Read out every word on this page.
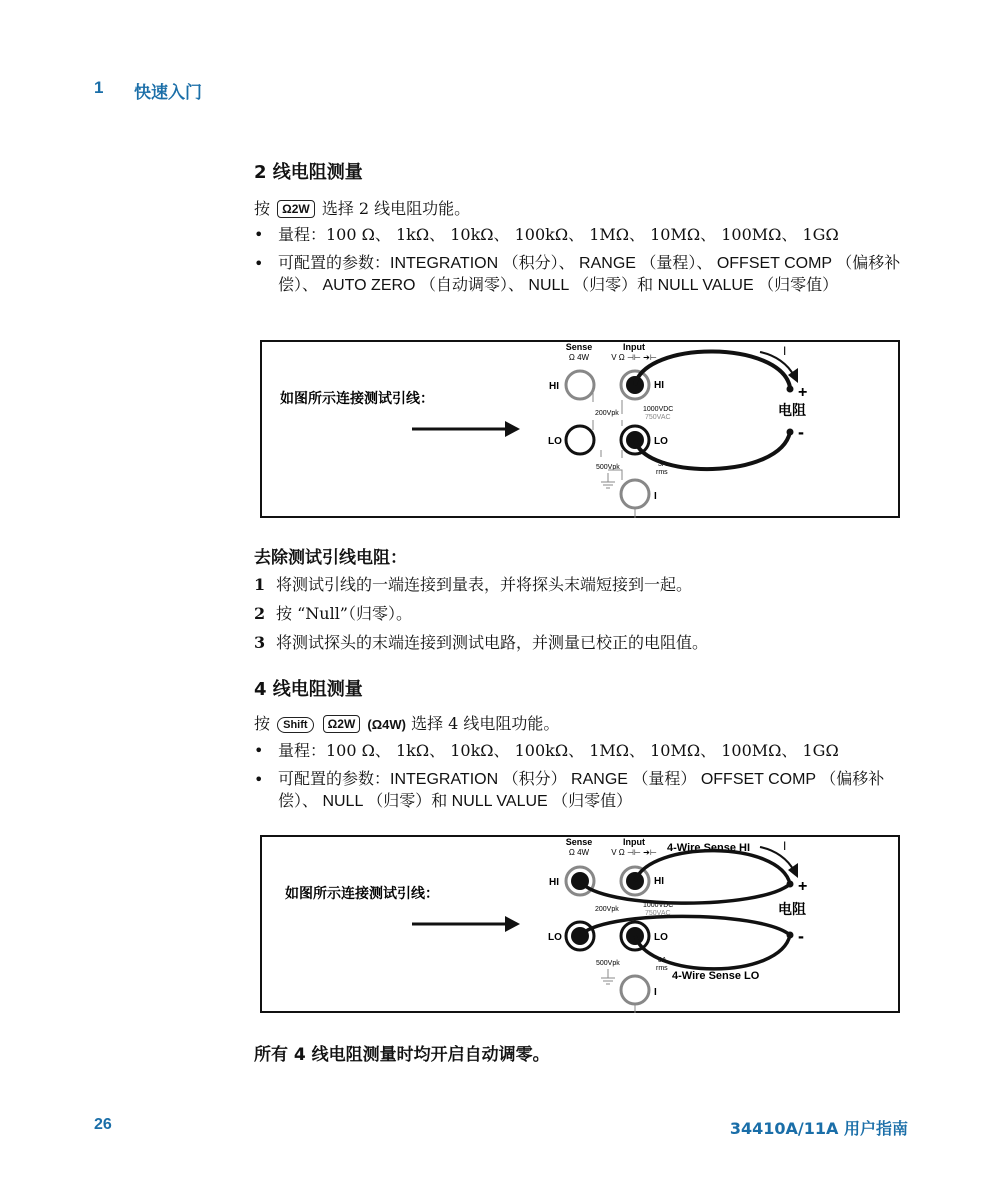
1 快速入门
2 线电阻测量
按 Ω2W 选择 2 线电阻功能。
• 量程：100 Ω、 1kΩ、 10kΩ、 100kΩ、 1MΩ、 10MΩ、 100MΩ、 1GΩ
• 可配置的参数：INTEGRATION （积分）、 RANGE （量程）、 OFFSET COMP （偏移补偿）、 AUTO ZERO （自动调零）、 NULL （归零）和 NULL VALUE （归零值）
如图所示连接测试引线：
Sense
Ω 4W
Input
V Ω ⊣⊢ ➔⊢
HI
LO
HI
LO
I
200Vpk
1000VDC
750VAC
500Vpk	3A
rms
+
-
电阻
I
去除测试引线电阻：
1 将测试引线的一端连接到量表，并将探头末端短接到一起。
2 按 “Null”（归零）。
3 将测试探头的末端连接到测试电路，并测量已校正的电阻值。
4 线电阻测量
按 Shift Ω2W (Ω4W) 选择 4 线电阻功能。
• 量程：100 Ω、 1kΩ、 10kΩ、 100kΩ、 1MΩ、 10MΩ、 100MΩ、 1GΩ
• 可配置的参数：INTEGRATION （积分） RANGE （量程） OFFSET COMP （偏移补偿）、 NULL （归零）和 NULL VALUE （归零值）
如图所示连接测试引线：
Sense
Ω 4W
Input
V Ω ⊣⊢ ➔⊢ 4-Wire Sense HI
4-Wire Sense LO
HI
LO
HI
LO
I
200Vpk
1000VDC
750VAC
500Vpk	3A
rms
+
-
电阻
I
所有 4 线电阻测量时均开启自动调零。
26	34410A/11A 用户指南
